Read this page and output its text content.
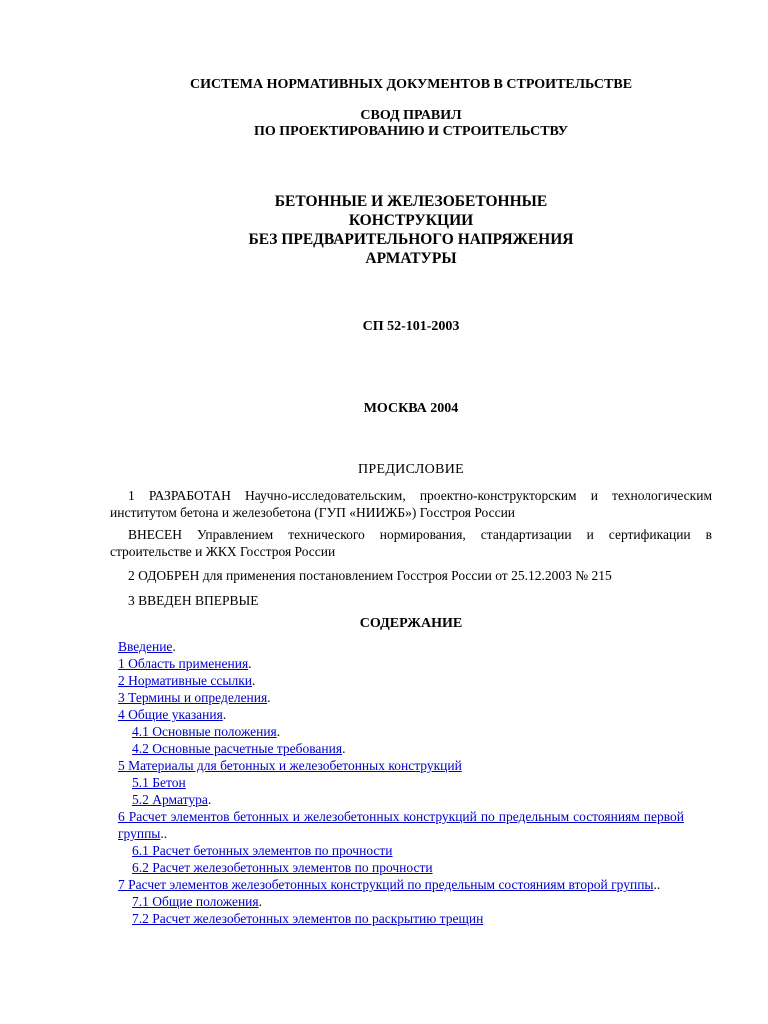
СИСТЕМА НОРМАТИВНЫХ ДОКУМЕНТОВ В СТРОИТЕЛЬСТВЕ
СВОД ПРАВИЛ
ПО ПРОЕКТИРОВАНИЮ И СТРОИТЕЛЬСТВУ
БЕТОННЫЕ И ЖЕЛЕЗОБЕТОННЫЕ
КОНСТРУКЦИИ
БЕЗ ПРЕДВАРИТЕЛЬНОГО НАПРЯЖЕНИЯ
АРМАТУРЫ
СП 52-101-2003
МОСКВА 2004
ПРЕДИСЛОВИЕ
1 РАЗРАБОТАН Научно-исследовательским, проектно-конструкторским и технологическим институтом бетона и железобетона (ГУП «НИИЖБ») Госстроя России
ВНЕСЕН Управлением технического нормирования, стандартизации и сертификации в строительстве и ЖКХ Госстроя России
2 ОДОБРЕН для применения постановлением Госстроя России от 25.12.2003 № 215
3 ВВЕДЕН ВПЕРВЫЕ
СОДЕРЖАНИЕ
Введение.
1 Область применения.
2 Нормативные ссылки.
3 Термины и определения.
4 Общие указания.
4.1 Основные положения.
4.2 Основные расчетные требования.
5 Материалы для бетонных и железобетонных конструкций
5.1 Бетон
5.2 Арматура.
6 Расчет элементов бетонных и железобетонных конструкций по предельным состояниям первой группы..
6.1 Расчет бетонных элементов по прочности
6.2 Расчет железобетонных элементов по прочности
7 Расчет элементов железобетонных конструкций по предельным состояниям второй группы..
7.1 Общие положения.
7.2 Расчет железобетонных элементов по раскрытию трещин
